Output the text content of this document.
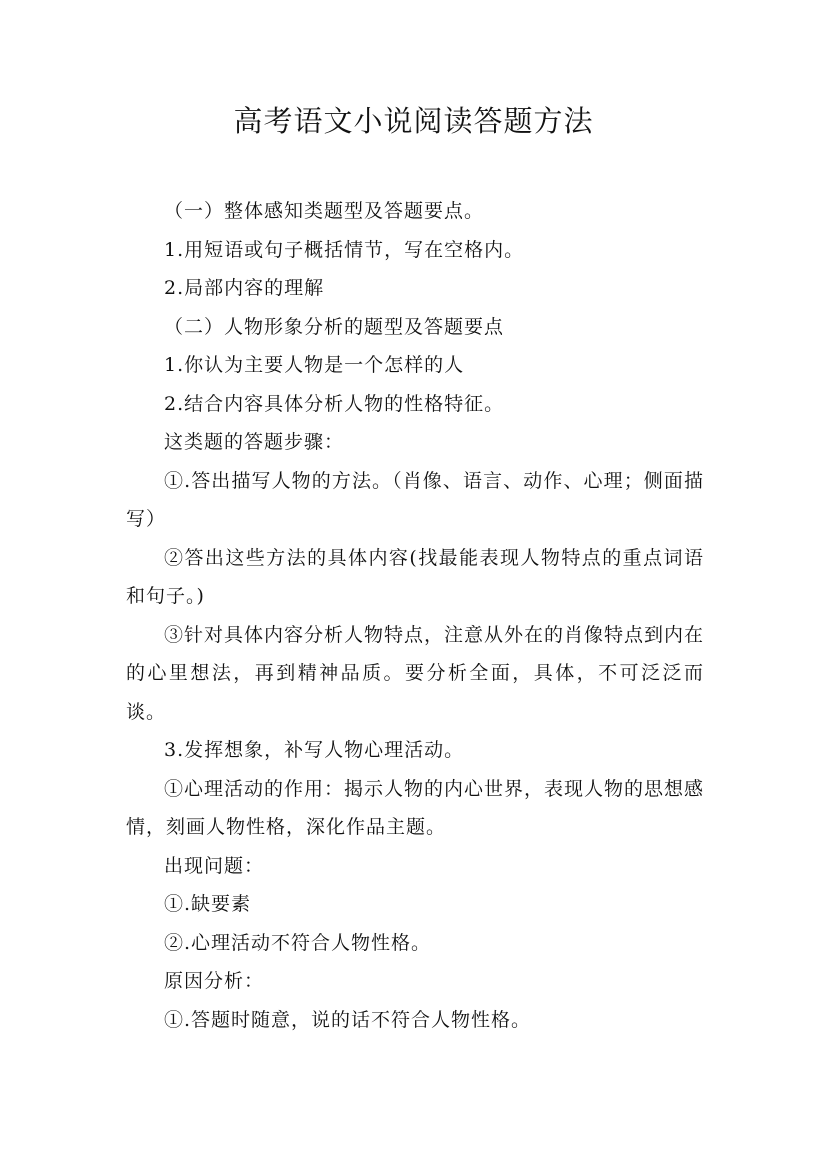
高考语文小说阅读答题方法

（一）整体感知类题型及答题要点。

1.用短语或句子概括情节，写在空格内。

2.局部内容的理解

（二）人物形象分析的题型及答题要点

1.你认为主要人物是一个怎样的人

2.结合内容具体分析人物的性格特征。

这类题的答题步骤：

①.答出描写人物的方法。（肖像、语言、动作、心理；侧面描写）

②答出这些方法的具体内容(找最能表现人物特点的重点词语和句子。)

③针对具体内容分析人物特点，注意从外在的肖像特点到内在的心里想法，再到精神品质。要分析全面，具体，不可泛泛而谈。

3.发挥想象，补写人物心理活动。

①心理活动的作用：揭示人物的内心世界，表现人物的思想感情，刻画人物性格，深化作品主题。

出现问题：

①.缺要素

②.心理活动不符合人物性格。

原因分析：

①.答题时随意，说的话不符合人物性格。
